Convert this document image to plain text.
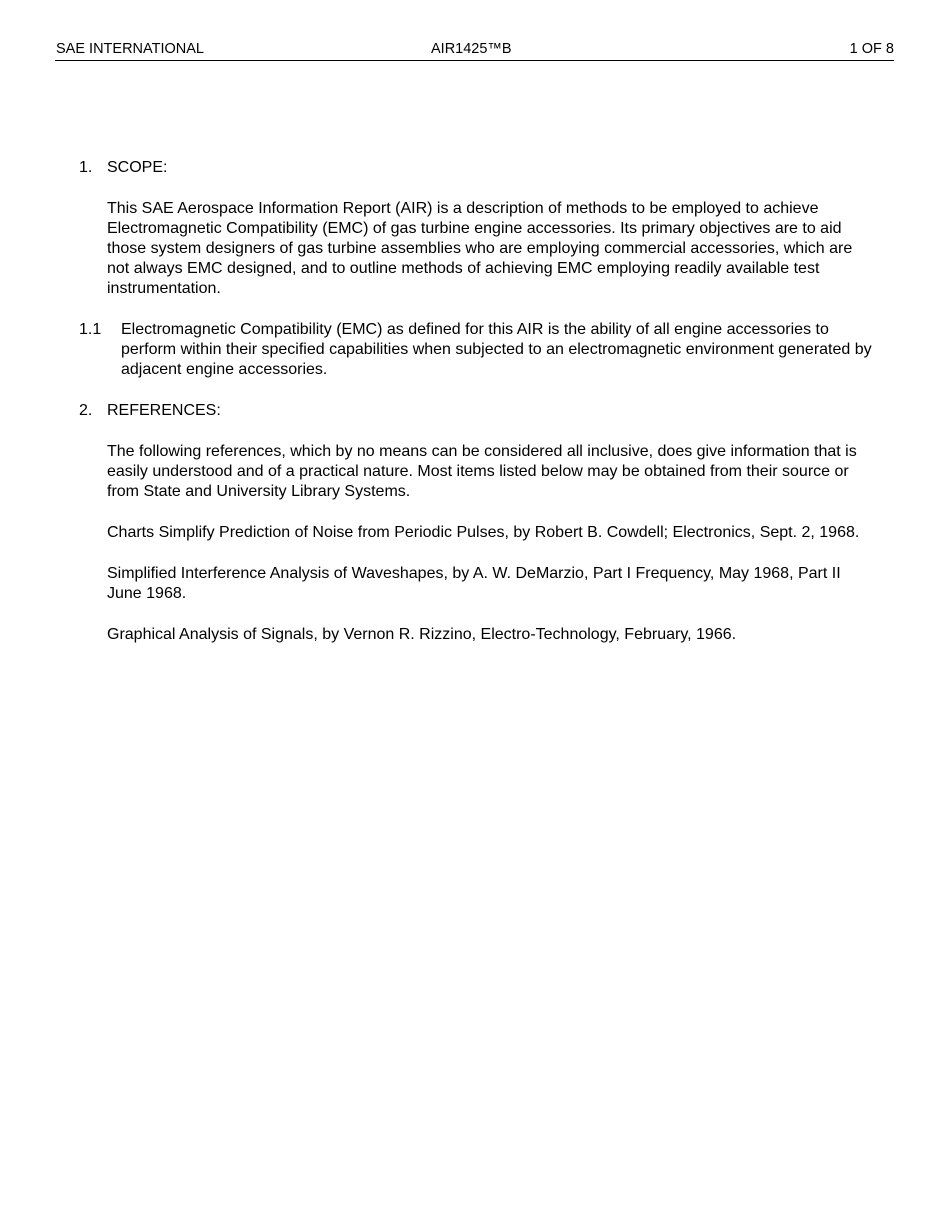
SAE INTERNATIONAL	AIR1425™B	1 OF 8
1. SCOPE:

This SAE Aerospace Information Report (AIR) is a description of methods to be employed to achieve Electromagnetic Compatibility (EMC) of gas turbine engine accessories. Its primary objectives are to aid those system designers of gas turbine assemblies who are employing commercial accessories, which are not always EMC designed, and to outline methods of achieving EMC employing readily available test instrumentation.

1.1 Electromagnetic Compatibility (EMC) as defined for this AIR is the ability of all engine accessories to perform within their specified capabilities when subjected to an electromagnetic environment generated by adjacent engine accessories.
2. REFERENCES:

The following references, which by no means can be considered all inclusive, does give information that is easily understood and of a practical nature. Most items listed below may be obtained from their source or from State and University Library Systems.

Charts Simplify Prediction of Noise from Periodic Pulses, by Robert B. Cowdell; Electronics, Sept. 2, 1968.

Simplified Interference Analysis of Waveshapes, by A. W. DeMarzio, Part I Frequency, May 1968, Part II June 1968.

Graphical Analysis of Signals, by Vernon R. Rizzino, Electro-Technology, February, 1966.
